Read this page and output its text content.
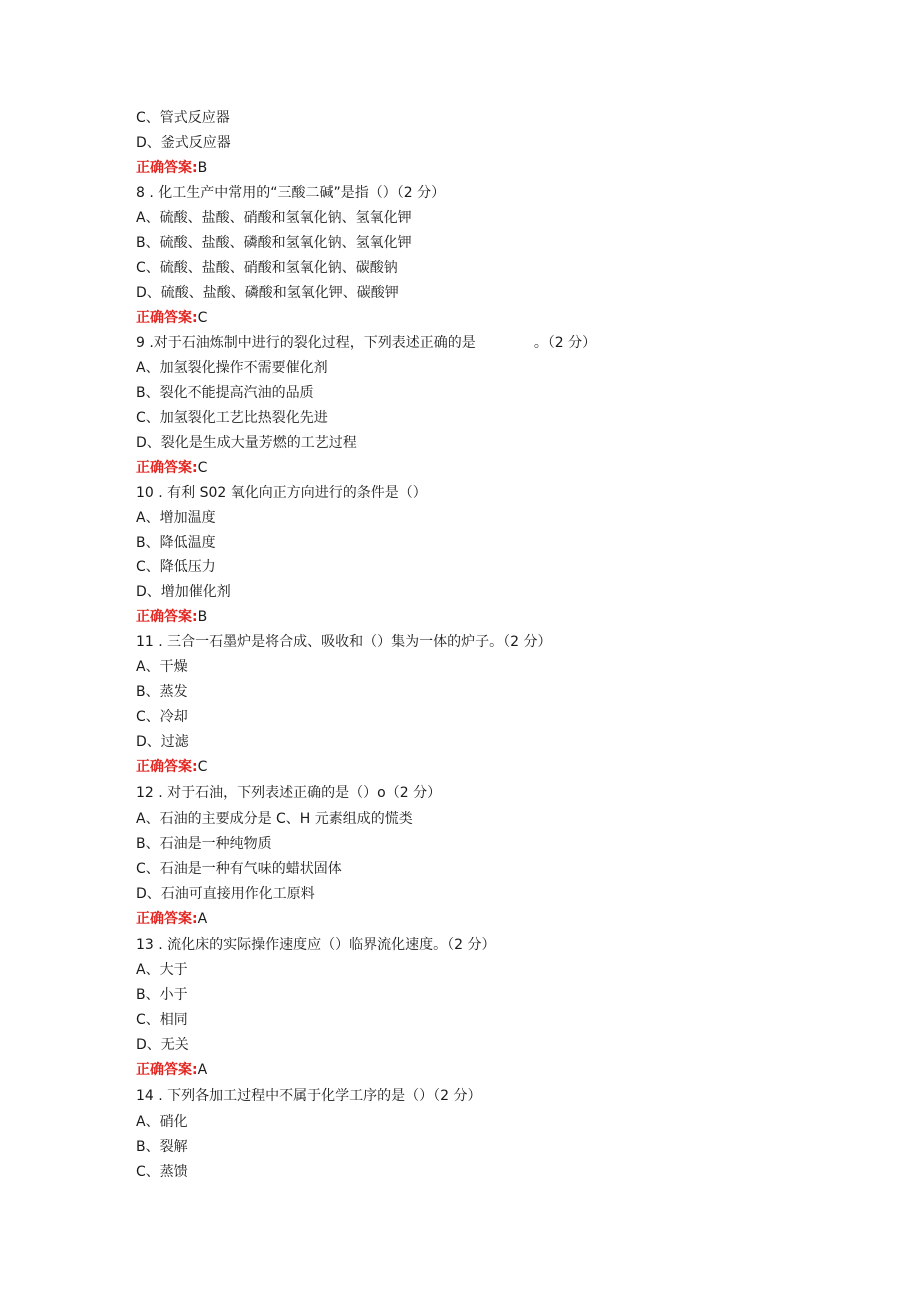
C、管式反应器
D、釜式反应器
正确答案:B
8 . 化工生产中常用的“三酸二碱”是指（）（2 分）
A、硫酸、盐酸、硝酸和氢氧化钠、氢氧化钾
B、硫酸、盐酸、磷酸和氢氧化钠、氢氧化钾
C、硫酸、盐酸、硝酸和氢氧化钠、碳酸钠
D、硫酸、盐酸、磷酸和氢氧化钾、碳酸钾
正确答案:C
9 .对于石油炼制中进行的裂化过程，下列表述正确的是	。（2 分）
A、加氢裂化操作不需要催化剂
B、裂化不能提高汽油的品质
C、加氢裂化工艺比热裂化先进
D、裂化是生成大量芳燃的工艺过程
正确答案:C
10 . 有利 S02 氧化向正方向进行的条件是（）
A、增加温度
B、降低温度
C、降低压力
D、增加催化剂
正确答案:B
11 . 三合一石墨炉是将合成、吸收和（）集为一体的炉子。（2 分）
A、干燥
B、蒸发
C、冷却
D、过滤
正确答案:C
12 . 对于石油，下列表述正确的是（）o（2 分）
A、石油的主要成分是 C、H 元素组成的慌类
B、石油是一种纯物质
C、石油是一种有气味的蜡状固体
D、石油可直接用作化工原料
正确答案:A
13 . 流化床的实际操作速度应（）临界流化速度。（2 分）
A、大于
B、小于
C、相同
D、无关
正确答案:A
14 . 下列各加工过程中不属于化学工序的是（）（2 分）
A、硝化
B、裂解
C、蒸馈
